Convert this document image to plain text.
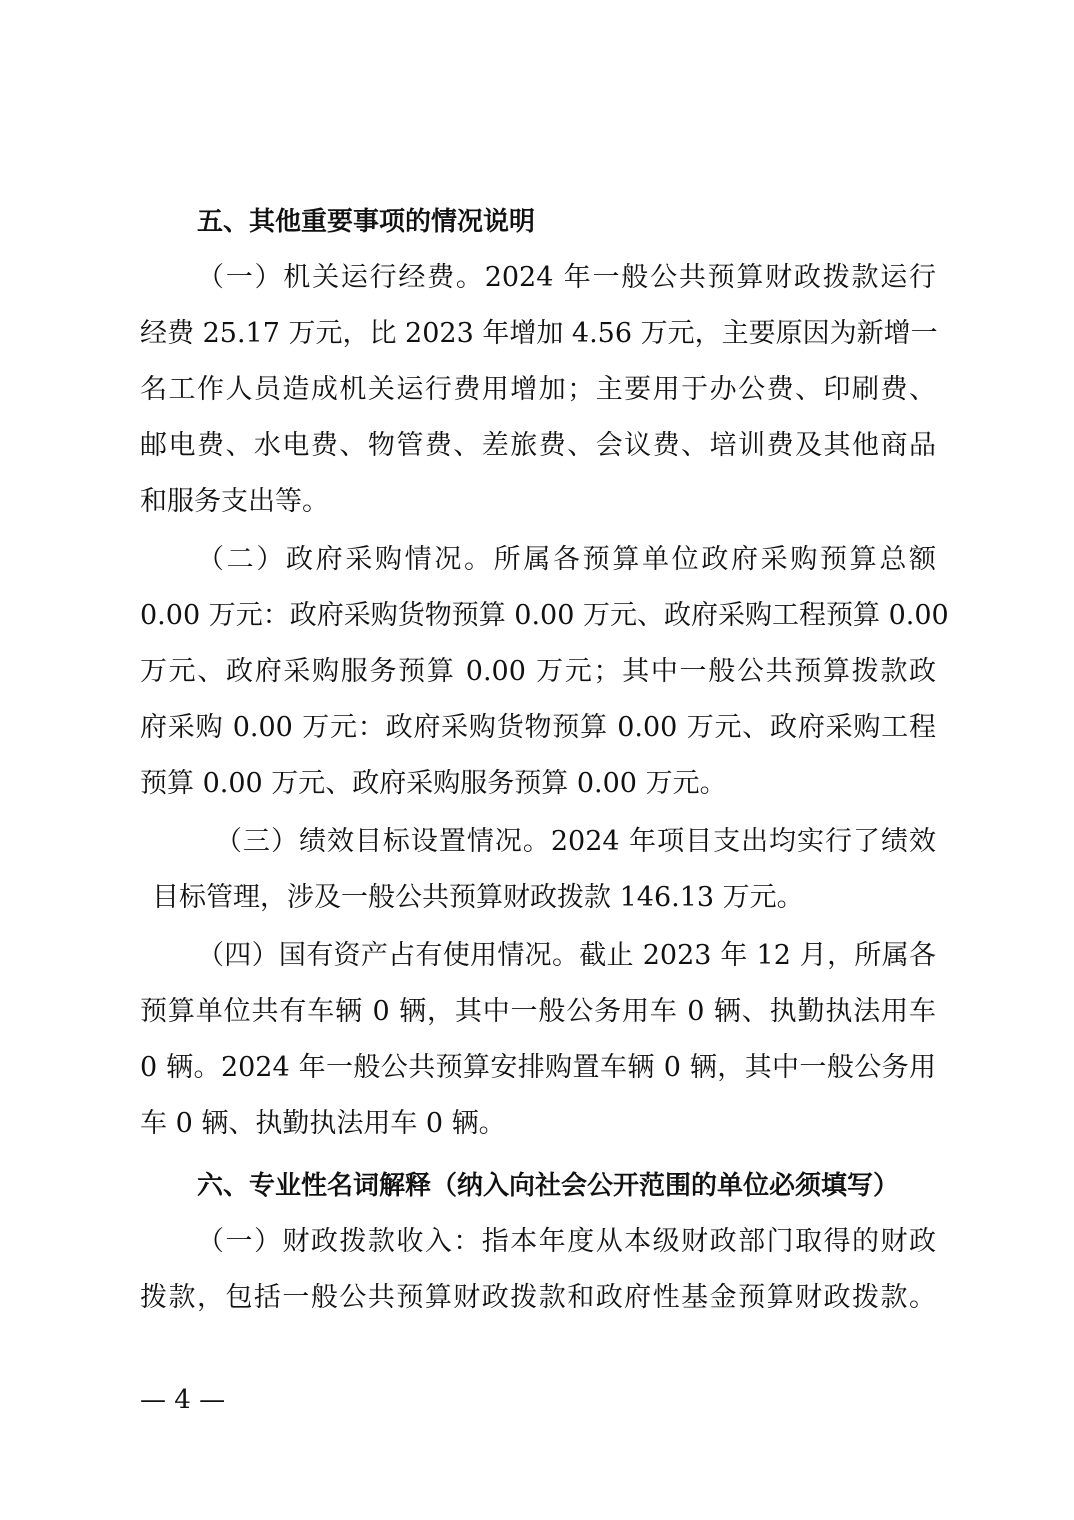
五、其他重要事项的情况说明
（一）机关运行经费。2024 年一般公共预算财政拨款运行
经费 25.17 万元，比 2023 年增加 4.56 万元，主要原因为新增一
名工作人员造成机关运行费用增加；主要用于办公费、印刷费、
邮电费、水电费、物管费、差旅费、会议费、培训费及其他商品
和服务支出等。
（二）政府采购情况。所属各预算单位政府采购预算总额
0.00 万元：政府采购货物预算 0.00 万元、政府采购工程预算 0.00
万元、政府采购服务预算 0.00 万元；其中一般公共预算拨款政
府采购 0.00 万元：政府采购货物预算 0.00 万元、政府采购工程
预算 0.00 万元、政府采购服务预算 0.00 万元。
（三）绩效目标设置情况。2024 年项目支出均实行了绩效
目标管理，涉及一般公共预算财政拨款 146.13 万元。
（四）国有资产占有使用情况。截止 2023 年 12 月，所属各
预算单位共有车辆 0 辆，其中一般公务用车 0 辆、执勤执法用车
0 辆。2024 年一般公共预算安排购置车辆 0 辆，其中一般公务用
车 0 辆、执勤执法用车 0 辆。
六、专业性名词解释（纳入向社会公开范围的单位必须填写）
（一）财政拨款收入：指本年度从本级财政部门取得的财政
拨款，包括一般公共预算财政拨款和政府性基金预算财政拨款。
— 4 —
